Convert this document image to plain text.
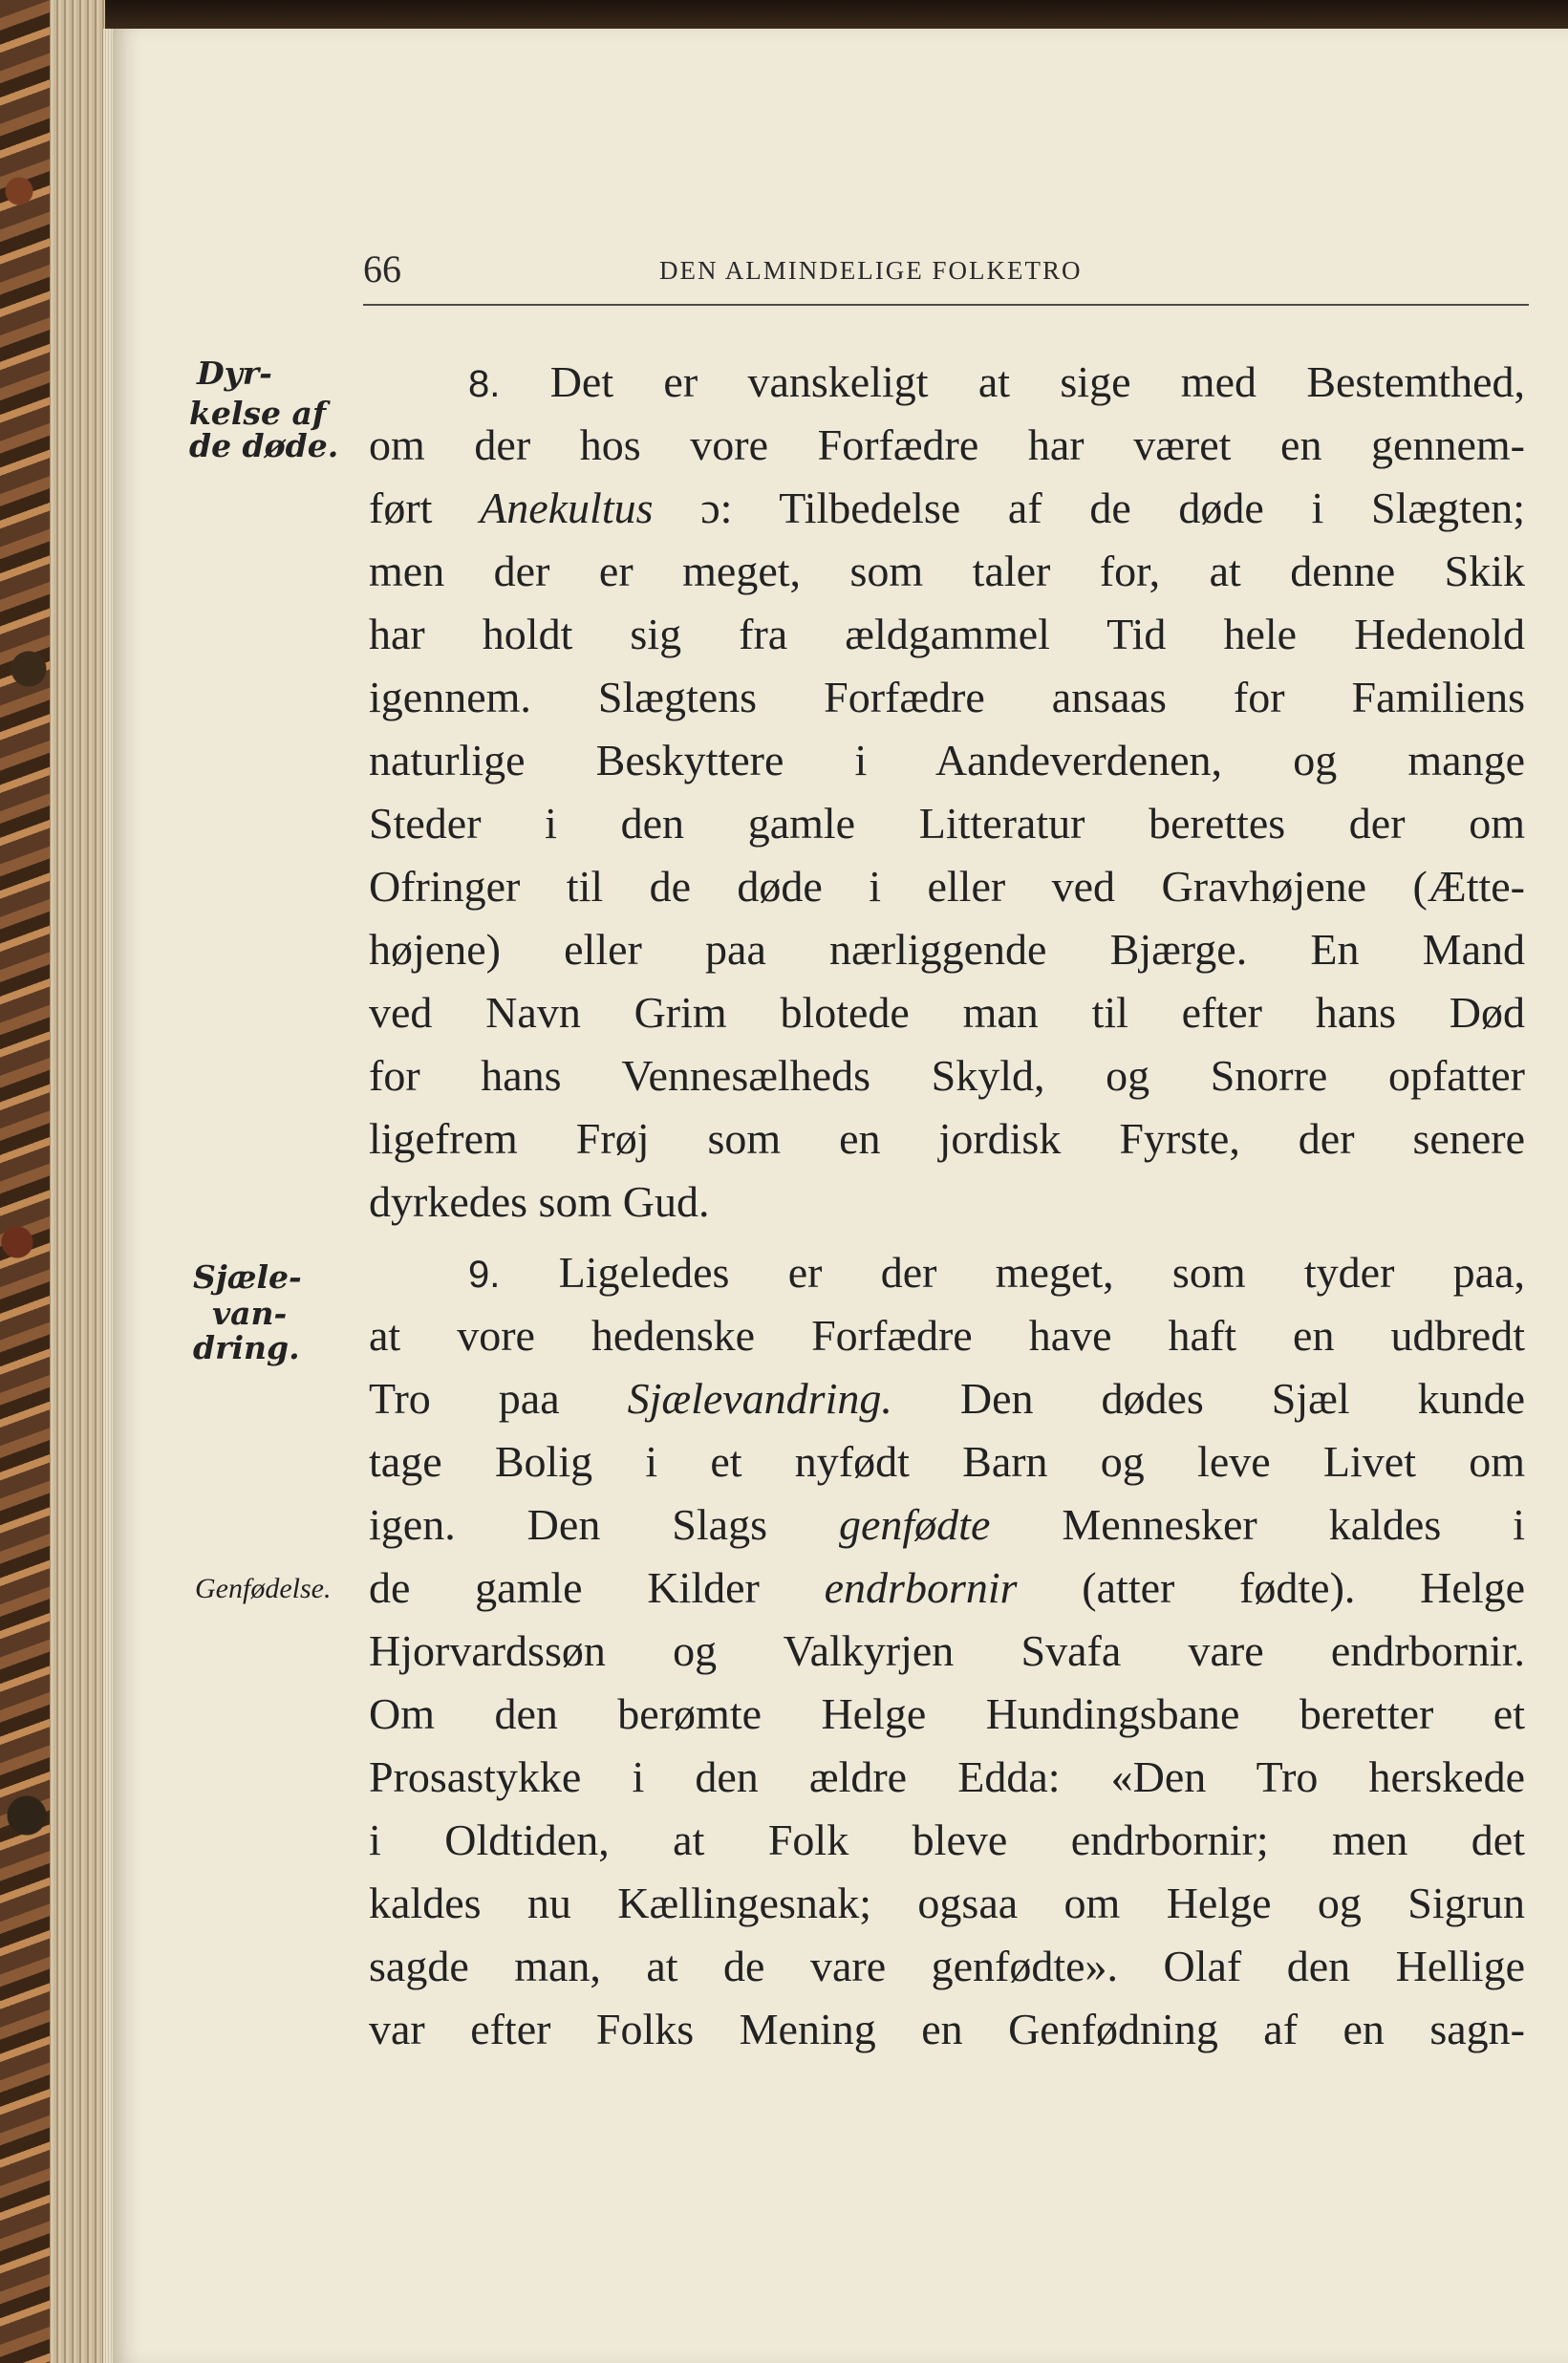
66	DEN ALMINDELIGE FOLKETRO
Dyr-
kelse af
de døde.
Sjæle-
van-
dring.
Genfødelse.
8. Det er vanskeligt at sige med Bestemthed,
om der hos vore Forfædre har været en gennem-
ført Anekultus ɔ: Tilbedelse af de døde i Slægten;
men der er meget, som taler for, at denne Skik
har holdt sig fra ældgammel Tid hele Hedenold
igennem. Slægtens Forfædre ansaas for Familiens
naturlige Beskyttere i Aandeverdenen, og mange
Steder i den gamle Litteratur berettes der om
Ofringer til de døde i eller ved Gravhøjene (Ætte-
højene) eller paa nærliggende Bjærge. En Mand
ved Navn Grim blotede man til efter hans Død
for hans Vennesælheds Skyld, og Snorre opfatter
ligefrem Frøj som en jordisk Fyrste, der senere
dyrkedes som Gud.
9. Ligeledes er der meget, som tyder paa,
at vore hedenske Forfædre have haft en udbredt
Tro paa Sjælevandring. Den dødes Sjæl kunde
tage Bolig i et nyfødt Barn og leve Livet om
igen. Den Slags genfødte Mennesker kaldes i
de gamle Kilder endrbornir (atter fødte). Helge
Hjorvardssøn og Valkyrjen Svafa vare endrbornir.
Om den berømte Helge Hundingsbane beretter et
Prosastykke i den ældre Edda: «Den Tro herskede
i Oldtiden, at Folk bleve endrbornir; men det
kaldes nu Kællingesnak; ogsaa om Helge og Sigrun
sagde man, at de vare genfødte». Olaf den Hellige
var efter Folks Mening en Genfødning af en sagn-
